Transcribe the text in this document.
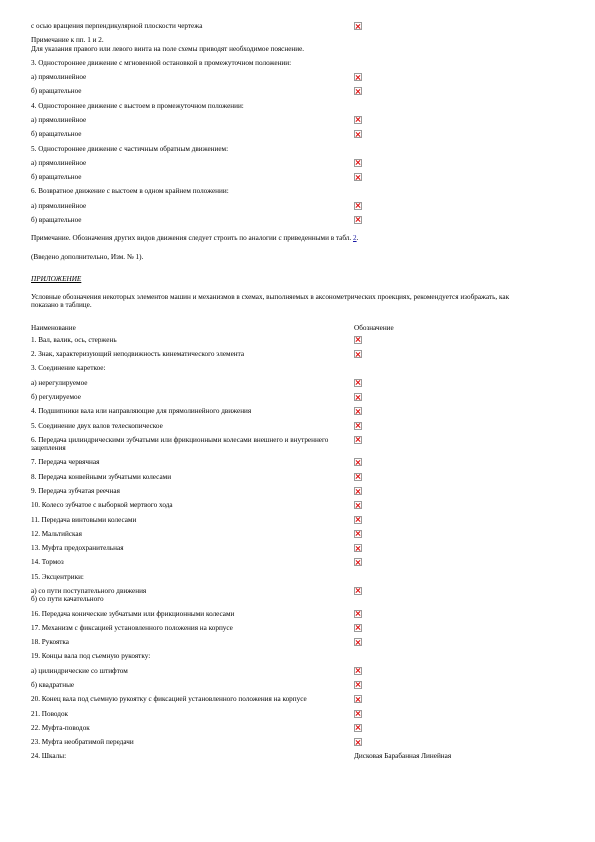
с осью вращения перпендикулярной плоскости чертежа
Примечание к пп. 1 и 2.
Для указания правого или левого винта на поле схемы приводят необходимое пояснение.
3. Одностороннее движение с мгновенной остановкой в промежуточном положении:
а) прямолинейное
б) вращательное
4. Одностороннее движение с выстоем в промежуточном положении:
а) прямолинейное
б) вращательное
5. Одностороннее движение с частичным обратным движением:
а) прямолинейное
б) вращательное
6. Возвратное движение с выстоем в одном крайнем положении:
а) прямолинейное
б) вращательное
Примечание. Обозначения других видов движения следует строить по аналогии с приведенными в табл. 2.
(Введено дополнительно, Изм. № 1).
ПРИЛОЖЕНИЕ
Условные обозначения некоторых элементов машин и механизмов в схемах, выполняемых в аксонометрических проекциях, рекомендуется изображать, как показано в таблице.
Наименование	Обозначение
1. Вал, валик, ось, стержень
2. Знак, характеризующий неподвижность кинематического элемента
3. Соединение кареткое:
а) нерегулируемое
б) регулируемое
4. Подшипники вала или направляющие для прямолинейного движения
5. Соединение двух валов телескопическое
6. Передача цилиндрическими зубчатыми или фрикционными колесами внешнего и внутреннего зацепления
7. Передача червячная
8. Передача конвейными зубчатыми колесами
9. Передача зубчатая реечная
10. Колесо зубчатое с выборкой мертвого хода
11. Передача винтовыми колесами
12. Мальтийская
13. Муфта предохранительная
14. Тормоз
15. Эксцентрики:
а) со пути поступательного движения
б) со пути качательного
16. Передача конические зубчатыми или фрикционными колесами
17. Механизм с фиксацией установленного положения на корпусе
18. Рукоятка
19. Концы вала под съемную рукоятку:
а) цилиндрические со штифтом
б) квадратные
20. Конец вала под съемную рукоятку с фиксацией установленного положения на корпусе
21. Поводок
22. Муфта-поводок
23. Муфта необратимой передачи
24. Шкалы:	Дисковая Барабанная Линейная
